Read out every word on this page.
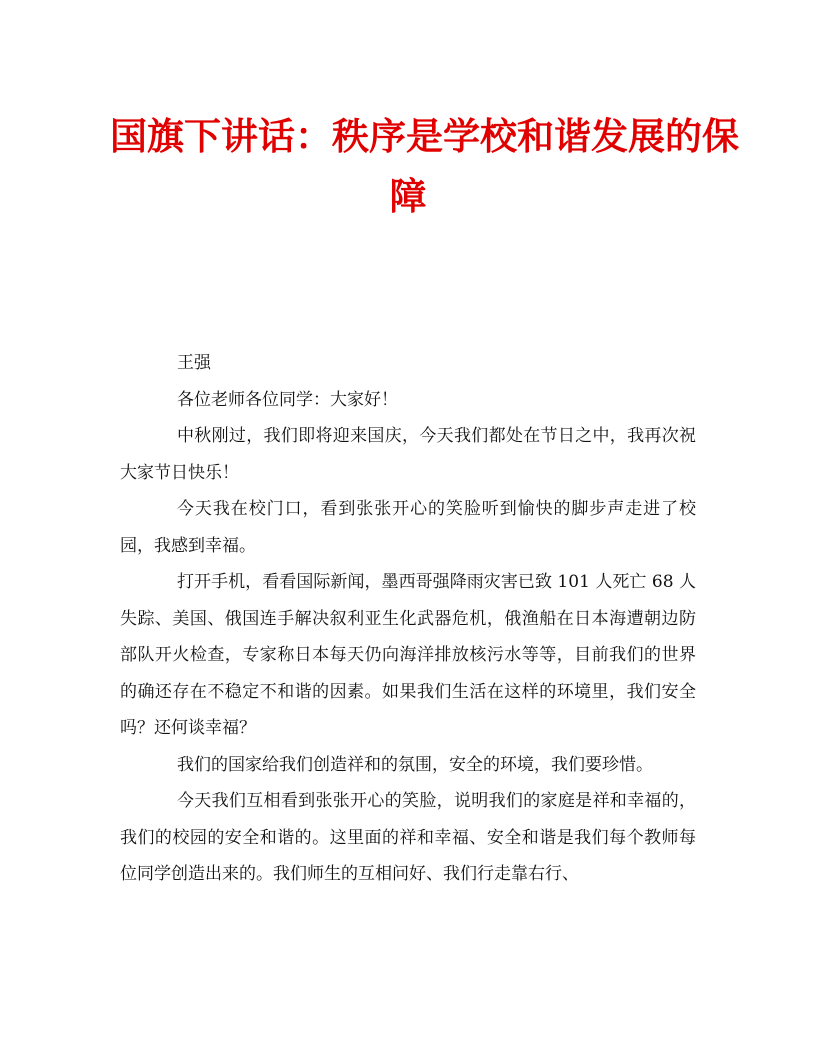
国旗下讲话：秩序是学校和谐发展的保
障

王强

各位老师各位同学：大家好！

中秋刚过，我们即将迎来国庆，今天我们都处在节日之中，我再次祝大家节日快乐！

今天我在校门口，看到张张开心的笑脸听到愉快的脚步声走进了校园，我感到幸福。

打开手机，看看国际新闻，墨西哥强降雨灾害已致 101 人死亡 68 人失踪、美国、俄国连手解决叙利亚生化武器危机，俄渔船在日本海遭朝边防部队开火检查，专家称日本每天仍向海洋排放核污水等等，目前我们的世界的确还存在不稳定不和谐的因素。如果我们生活在这样的环境里，我们安全吗？还何谈幸福？

我们的国家给我们创造祥和的氛围，安全的环境，我们要珍惜。

今天我们互相看到张张开心的笑脸，说明我们的家庭是祥和幸福的，我们的校园的安全和谐的。这里面的祥和幸福、安全和谐是我们每个教师每位同学创造出来的。我们师生的互相问好、我们行走靠右行、
